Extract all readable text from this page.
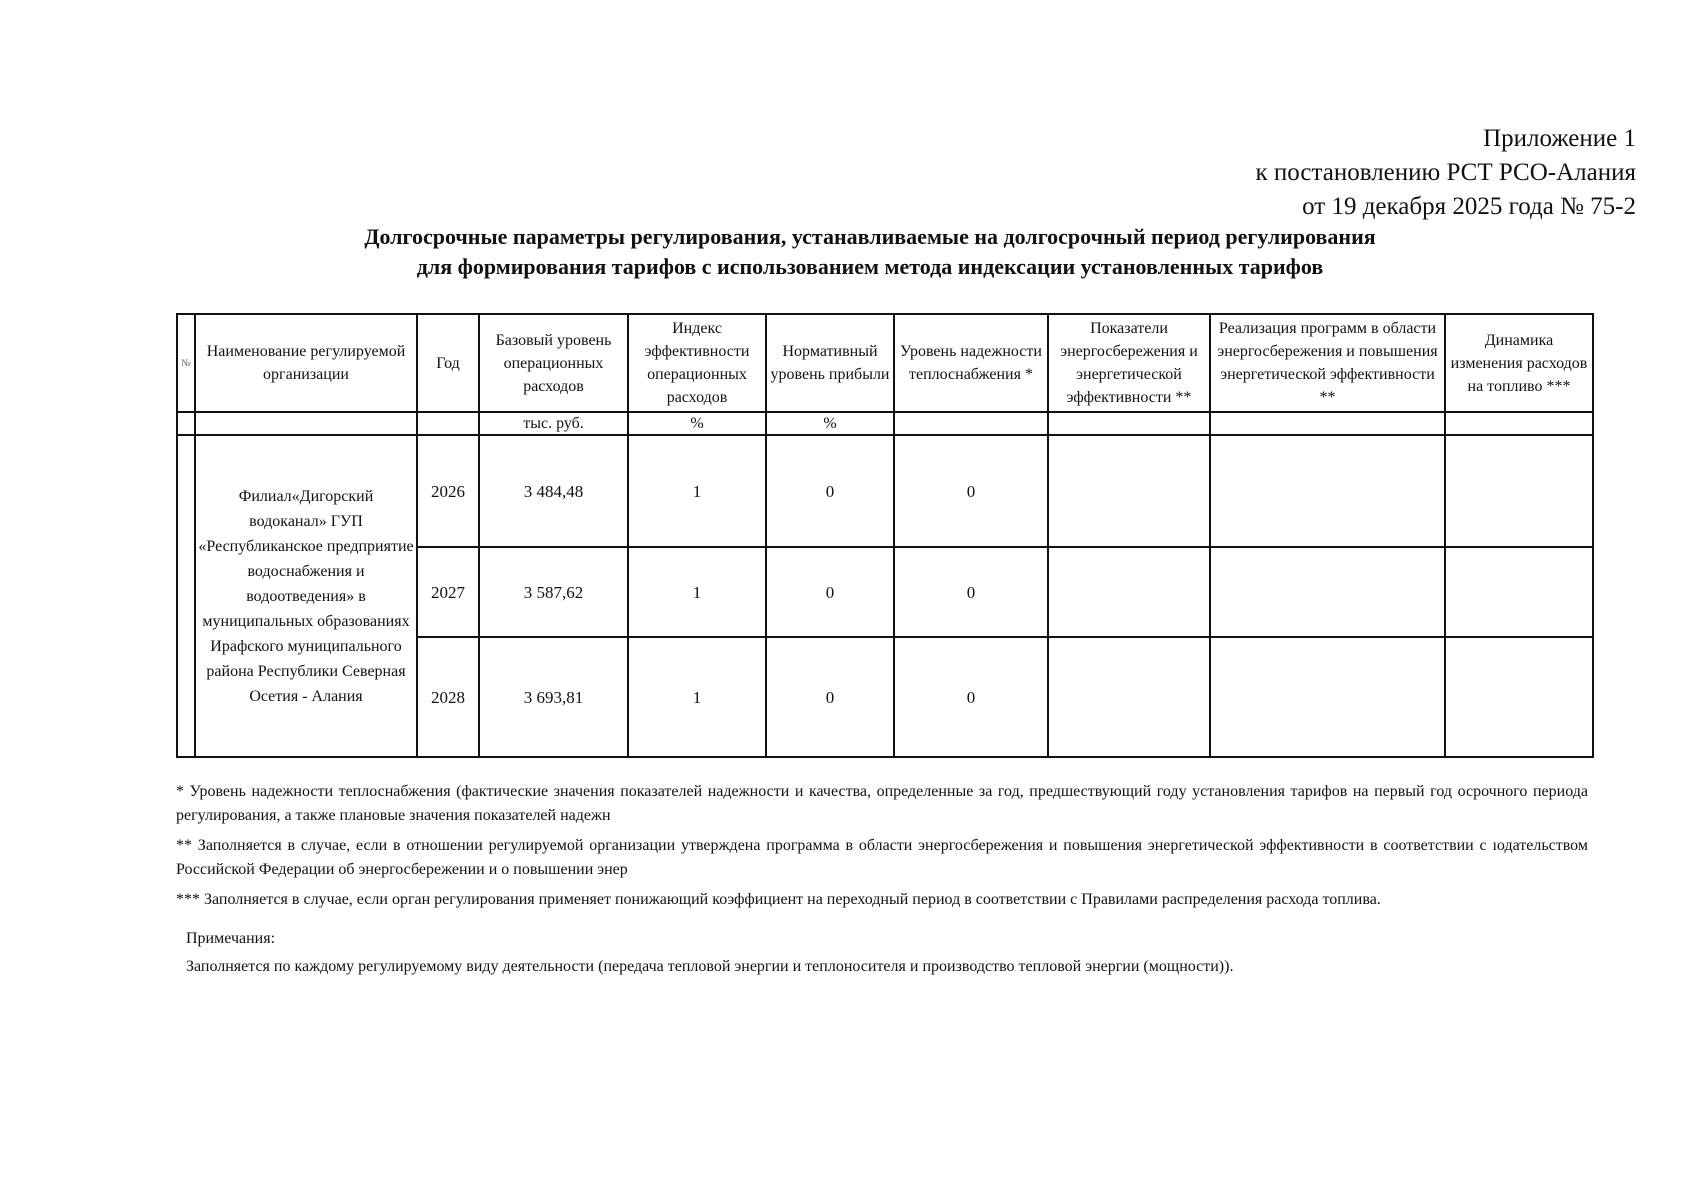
Приложение 1
к постановлению РСТ РСО-Алания
от 19 декабря 2025 года № 75-2
Долгосрочные параметры регулирования, устанавливаемые на долгосрочный период регулирования
для формирования тарифов с использованием метода индексации установленных тарифов
№	Наименование регулируемой организации	Год	Базовый уровень операционных расходов	Индекс эффективности операционных расходов	Нормативный уровень прибыли	Уровень надежности теплоснабжения *	Показатели энергосбережения и энергетической эффективности **	Реализация программ в области энергосбережения и повышения энергетической эффективности **	Динамика изменения расходов на топливо ***
			тыс. руб.	%	%				
	Филиал«Дигорский водоканал» ГУП «Республиканское предприятие водоснабжения и водоотведения» в муниципальных образованиях Ирафского муниципального района Республики Северная Осетия - Алания	2026	3 484,48	1	0	0			
		2027	3 587,62	1	0	0			
		2028	3 693,81	1	0	0			

* Уровень надежности теплоснабжения (фактические значения показателей надежности и качества, определенные за год, предшествующий году установления тарифов на первый год осрочного периода регулирования, а также плановые значения показателей надежн

** Заполняется в случае, если в отношении регулируемой организации утверждена программа в области энергосбережения и повышения энергетической эффективности в соответствии с ıодательством Российской Федерации об энергосбережении и о повышении энер

*** Заполняется в случае, если орган регулирования применяет понижающий коэффициент на переходный период в соответствии с Правилами распределения расхода топлива.

Примечания:

Заполняется по каждому регулируемому виду деятельности (передача тепловой энергии и теплоносителя и производство тепловой энергии (мощности)).
